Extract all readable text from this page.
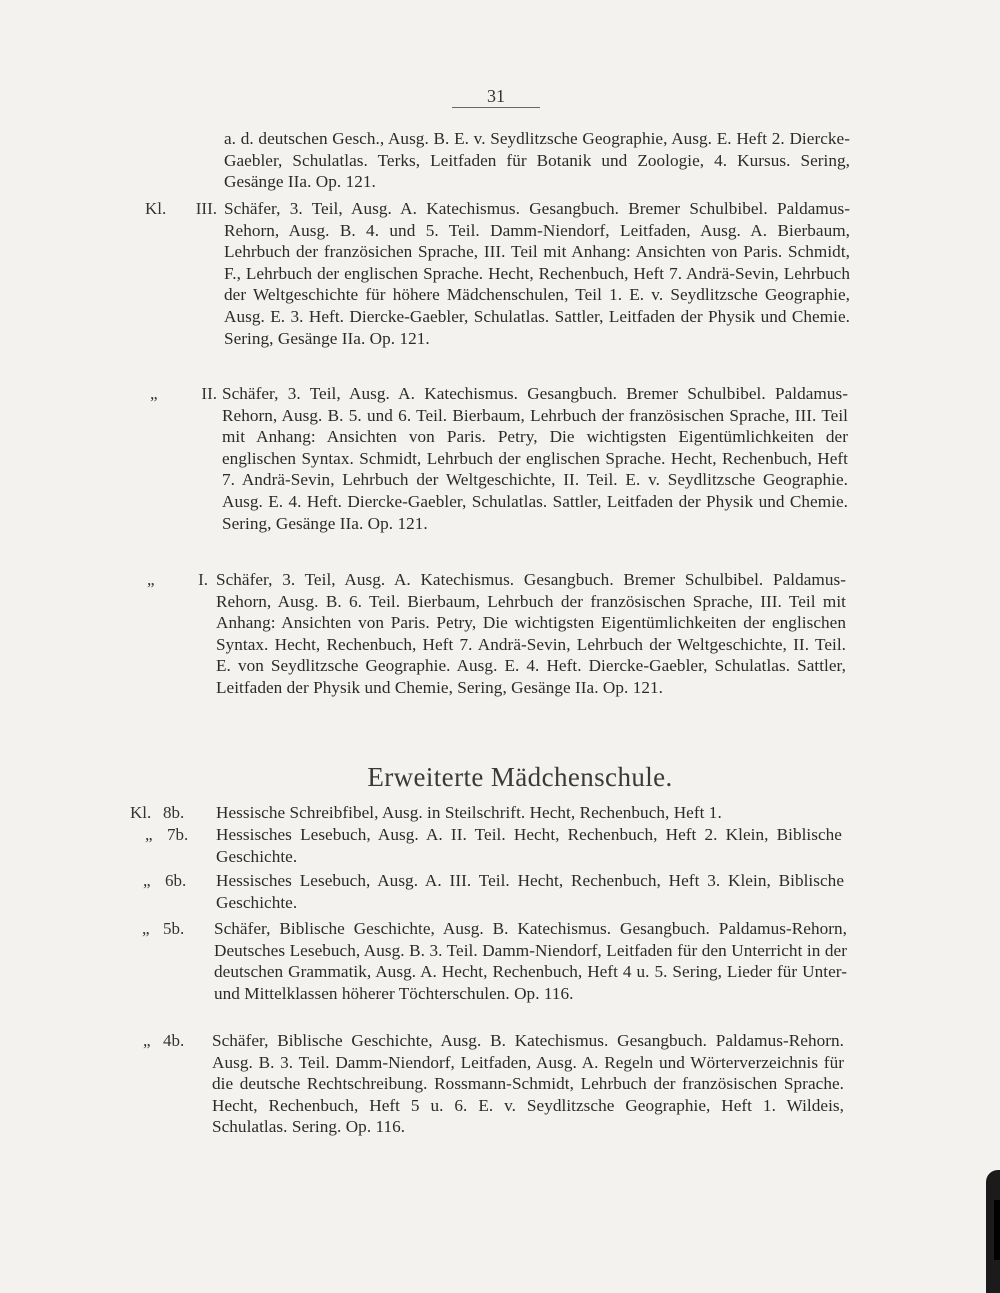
31
a. d. deutschen Gesch., Ausg. B. E. v. Seydlitzsche Geographie, Ausg. E. Heft 2. Diercke-Gaebler, Schulatlas. Terks, Leitfaden für Botanik und Zoologie, 4. Kursus. Sering, Gesänge IIa. Op. 121.
Kl.	III. Schäfer, 3. Teil, Ausg. A. Katechismus. Gesangbuch. Bremer Schulbibel. Paldamus-Rehorn, Ausg. B. 4. und 5. Teil. Damm-Niendorf, Leitfaden, Ausg. A. Bierbaum, Lehrbuch der französichen Sprache, III. Teil mit Anhang: Ansichten von Paris. Schmidt, F., Lehrbuch der englischen Sprache. Hecht, Rechenbuch, Heft 7. Andrä-Sevin, Lehrbuch der Weltgeschichte für höhere Mädchenschulen, Teil 1. E. v. Seydlitzsche Geographie, Ausg. E. 3. Heft. Diercke-Gaebler, Schulatlas. Sattler, Leitfaden der Physik und Chemie. Sering, Gesänge IIa. Op. 121.
„	II. Schäfer, 3. Teil, Ausg. A. Katechismus. Gesangbuch. Bremer Schulbibel. Paldamus-Rehorn, Ausg. B. 5. und 6. Teil. Bierbaum, Lehrbuch der französischen Sprache, III. Teil mit Anhang: Ansichten von Paris. Petry, Die wichtigsten Eigentümlichkeiten der englischen Syntax. Schmidt, Lehrbuch der englischen Sprache. Hecht, Rechenbuch, Heft 7. Andrä-Sevin, Lehrbuch der Weltgeschichte, II. Teil. E. v. Seydlitzsche Geographie. Ausg. E. 4. Heft. Diercke-Gaebler, Schulatlas. Sattler, Leitfaden der Physik und Chemie. Sering, Gesänge IIa. Op. 121.
„	I. Schäfer, 3. Teil, Ausg. A. Katechismus. Gesangbuch. Bremer Schulbibel. Paldamus-Rehorn, Ausg. B. 6. Teil. Bierbaum, Lehrbuch der französischen Sprache, III. Teil mit Anhang: Ansichten von Paris. Petry, Die wichtigsten Eigentümlichkeiten der englischen Syntax. Hecht, Rechenbuch, Heft 7. Andrä-Sevin, Lehrbuch der Weltgeschichte, II. Teil. E. von Seydlitzsche Geographie. Ausg. E. 4. Heft. Diercke-Gaebler, Schulatlas. Sattler, Leitfaden der Physik und Chemie, Sering, Gesänge IIa. Op. 121.
Erweiterte Mädchenschule.
Kl. 8b.	Hessische Schreibfibel, Ausg. in Steilschrift. Hecht, Rechenbuch, Heft 1.
„ 7b.	Hessisches Lesebuch, Ausg. A. II. Teil. Hecht, Rechenbuch, Heft 2. Klein, Biblische Geschichte.
„ 6b.	Hessisches Lesebuch, Ausg. A. III. Teil. Hecht, Rechenbuch, Heft 3. Klein, Biblische Geschichte.
„ 5b.	Schäfer, Biblische Geschichte, Ausg. B. Katechismus. Gesangbuch. Paldamus-Rehorn, Deutsches Lesebuch, Ausg. B. 3. Teil. Damm-Niendorf, Leitfaden für den Unterricht in der deutschen Grammatik, Ausg. A. Hecht, Rechenbuch, Heft 4 u. 5. Sering, Lieder für Unter- und Mittelklassen höherer Töchterschulen. Op. 116.
„ 4b.	Schäfer, Biblische Geschichte, Ausg. B. Katechismus. Gesangbuch. Paldamus-Rehorn. Ausg. B. 3. Teil. Damm-Niendorf, Leitfaden, Ausg. A. Regeln und Wörterverzeichnis für die deutsche Rechtschreibung. Rossmann-Schmidt, Lehrbuch der französischen Sprache. Hecht, Rechenbuch, Heft 5 u. 6. E. v. Seydlitzsche Geographie, Heft 1. Wildeis, Schulatlas. Sering. Op. 116.
